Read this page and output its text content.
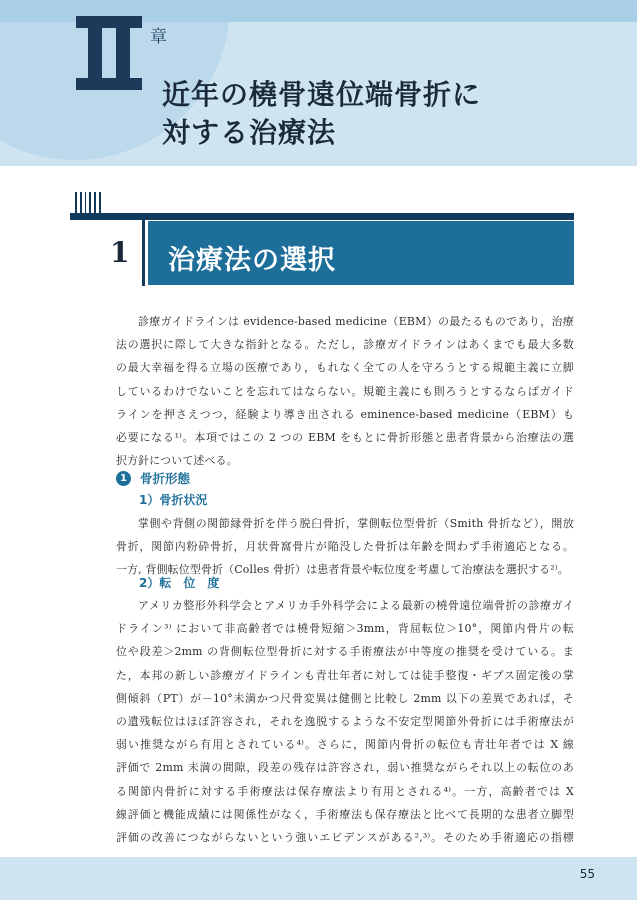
章
近年の橈骨遠位端骨折に
対する治療法
1 治療法の選択
診療ガイドラインは evidence-based medicine（EBM）の最たるものであり，治療
法の選択に際して大きな指針となる。ただし，診療ガイドラインはあくまでも最大多数
の最大幸福を得る立場の医療であり，もれなく全ての人を守ろうとする規範主義に立脚
しているわけでないことを忘れてはならない。規範主義にも則ろうとするならばガイド
ラインを押さえつつ，経験より導き出される eminence-based medicine（EBM）も
必要になる¹⁾。本項ではこの 2 つの EBM をもとに骨折形態と患者背景から治療法の選
択方針について述べる。
1	骨折形態
1）骨折状況
掌側や背側の関節縁骨折を伴う脱臼骨折，掌側転位型骨折（Smith 骨折など），開放
骨折，関節内粉砕骨折，月状骨窩骨片が陥没した骨折は年齢を問わず手術適応となる。
一方, 背側転位型骨折（Colles 骨折）は患者背景や転位度を考慮して治療法を選択する²⁾。
2）転　位　度
アメリカ整形外科学会とアメリカ手外科学会による最新の橈骨遠位端骨折の診療ガイ
ドライン³⁾ において非高齢者では橈骨短縮＞3mm，背屈転位＞10°，関節内骨片の転
位や段差＞2mm の背側転位型骨折に対する手術療法が中等度の推奨を受けている。ま
た，本邦の新しい診療ガイドラインも青壮年者に対しては徒手整復・ギプス固定後の掌
側傾斜（PT）が－10°未満かつ尺骨変異は健側と比較し 2mm 以下の差異であれば，そ
の遺残転位はほぼ許容され，それを逸脱するような不安定型関節外骨折には手術療法が
弱い推奨ながら有用とされている⁴⁾。さらに，関節内骨折の転位も青壮年者では X 線
評価で 2mm 未満の間隙，段差の残存は許容され，弱い推奨ながらそれ以上の転位のあ
る関節内骨折に対する手術療法は保存療法より有用とされる⁴⁾。一方，高齢者では X
線評価と機能成績には関係性がなく，手術療法も保存療法と比べて長期的な患者立脚型
評価の改善につながらないという強いエビデンスがある²,³⁾。そのため手術適応の指標
55
